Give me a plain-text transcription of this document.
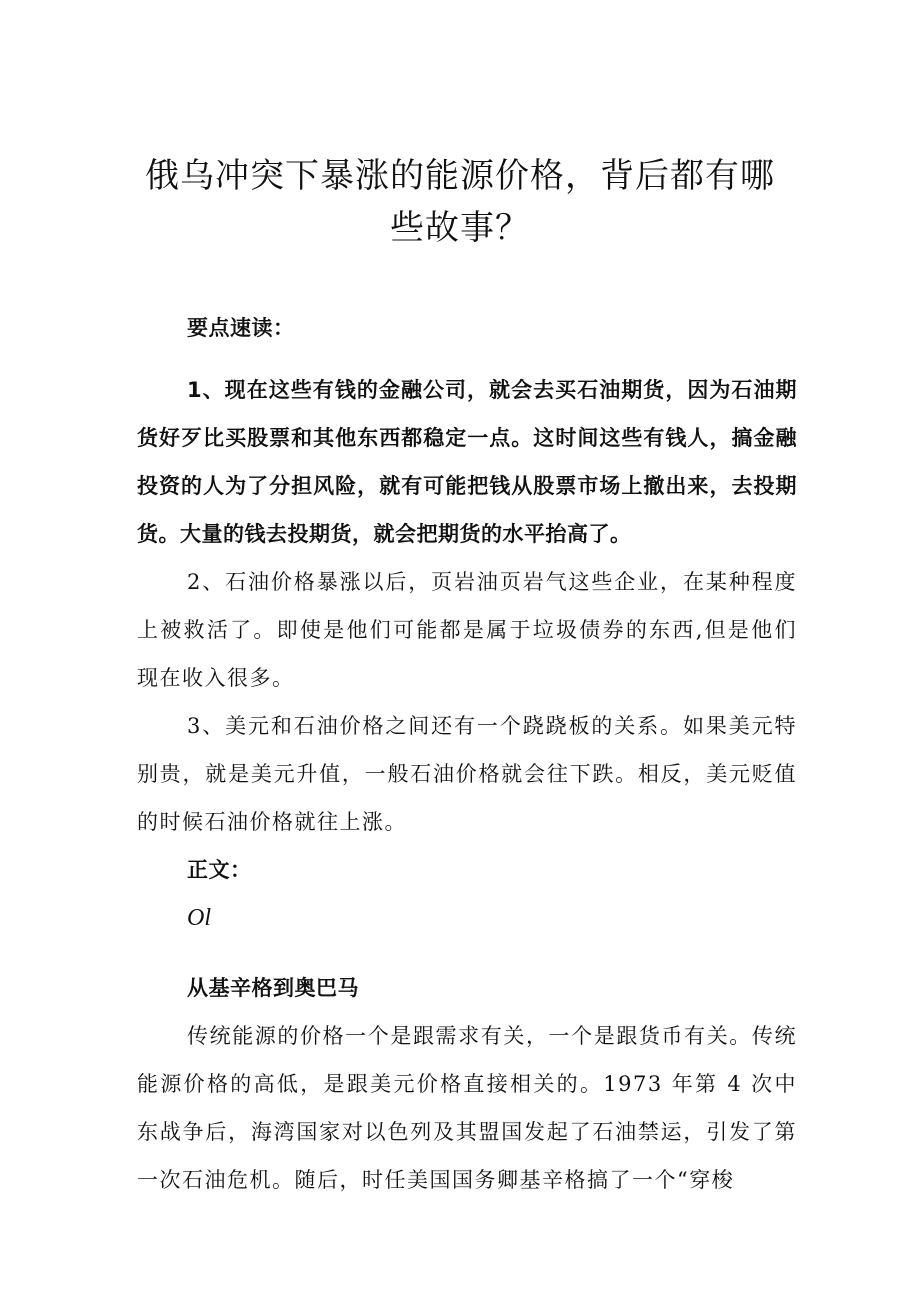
俄乌冲突下暴涨的能源价格，背后都有哪
些故事？

要点速读：

1、现在这些有钱的金融公司，就会去买石油期货，因为石油期货好歹比买股票和其他东西都稳定一点。这时间这些有钱人，搞金融投资的人为了分担风险，就有可能把钱从股票市场上撤出来，去投期货。大量的钱去投期货，就会把期货的水平抬高了。

2、石油价格暴涨以后，页岩油页岩气这些企业，在某种程度上被救活了。即使是他们可能都是属于垃圾债券的东西,但是他们现在收入很多。

3、美元和石油价格之间还有一个跷跷板的关系。如果美元特别贵，就是美元升值，一般石油价格就会往下跌。相反，美元贬值的时候石油价格就往上涨。

正文：

Ol

从基辛格到奥巴马

传统能源的价格一个是跟需求有关，一个是跟货币有关。传统能源价格的高低，是跟美元价格直接相关的。1973 年第 4 次中东战争后，海湾国家对以色列及其盟国发起了石油禁运，引发了第一次石油危机。随后，时任美国国务卿基辛格搞了一个“穿梭
